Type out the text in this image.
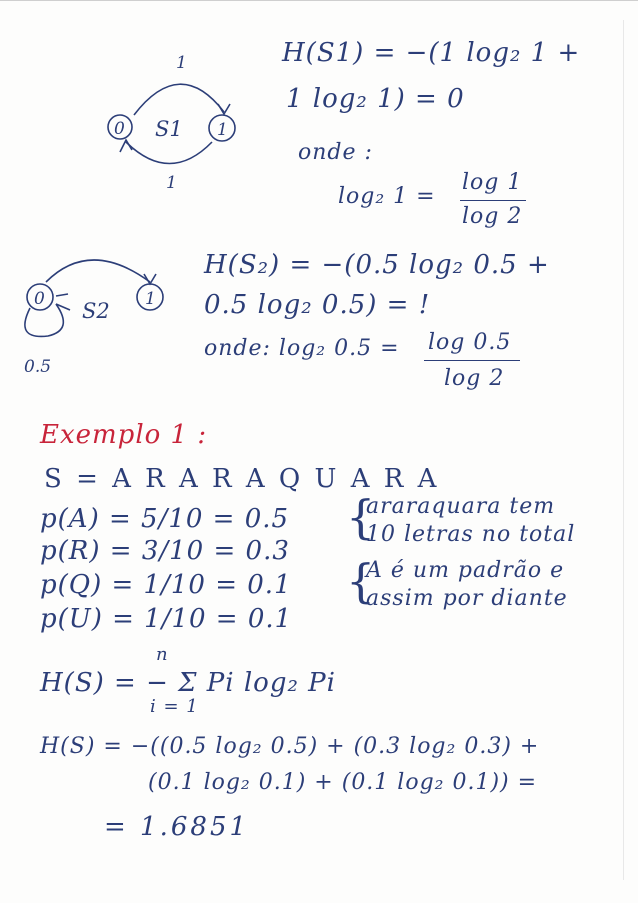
0	1
S1
1
1
0	1
S2
0.5
H(S1) = −(1 log₂ 1 +
1 log₂ 1) = 0
onde :
log₂ 1 =
log 1
log 2
H(S₂) = −(0.5 log₂ 0.5 +
0.5 log₂ 0.5) = !
onde: log₂ 0.5 = log 0.5
log 2
Exemplo 1 :
S = A R A R A Q U A R A
p(A) = 5/10 = 0.5
p(R) = 3/10 = 0.3
p(Q) = 1/10 = 0.1
p(U) = 1/10 = 0.1
{
araraquara tem
10 letras no total
{
A é um padrão e
assim por diante
n
H(S) = − Σ Pi log₂ Pi
i = 1
H(S) = −((0.5 log₂ 0.5) + (0.3 log₂ 0.3) +
(0.1 log₂ 0.1) + (0.1 log₂ 0.1)) =
= 1.6851
